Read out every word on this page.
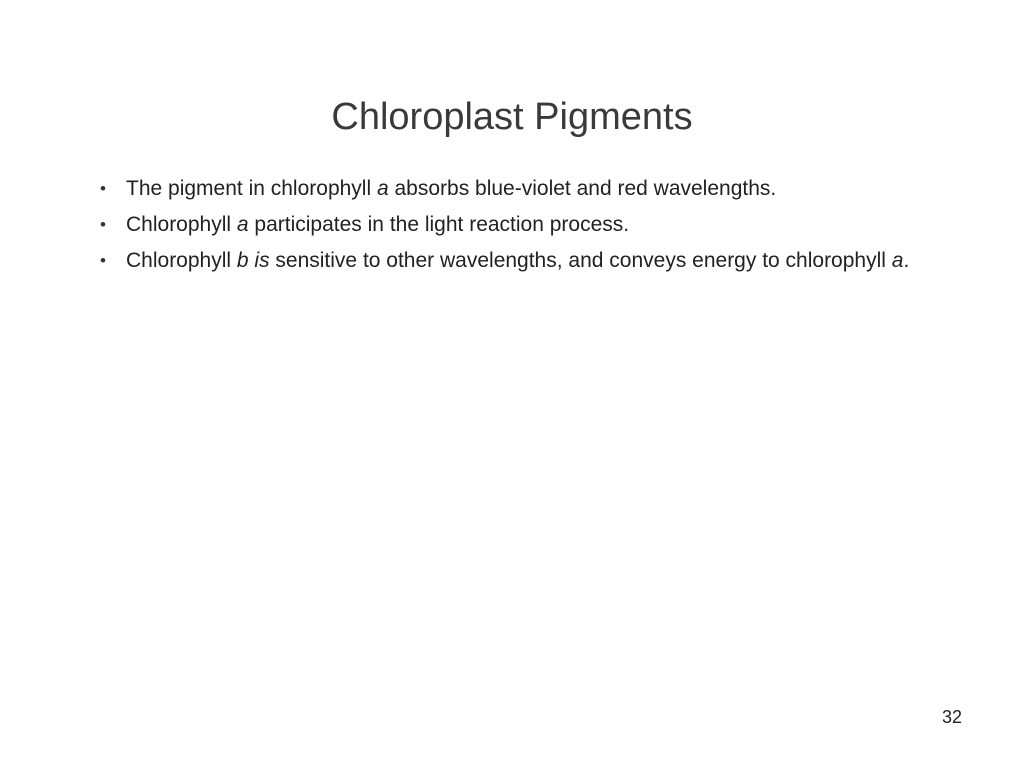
Chloroplast Pigments
• The pigment in chlorophyll a absorbs blue-violet and red wavelengths.
• Chlorophyll a participates in the light reaction process.
• Chlorophyll b is sensitive to other wavelengths, and conveys energy to chlorophyll a.
32
